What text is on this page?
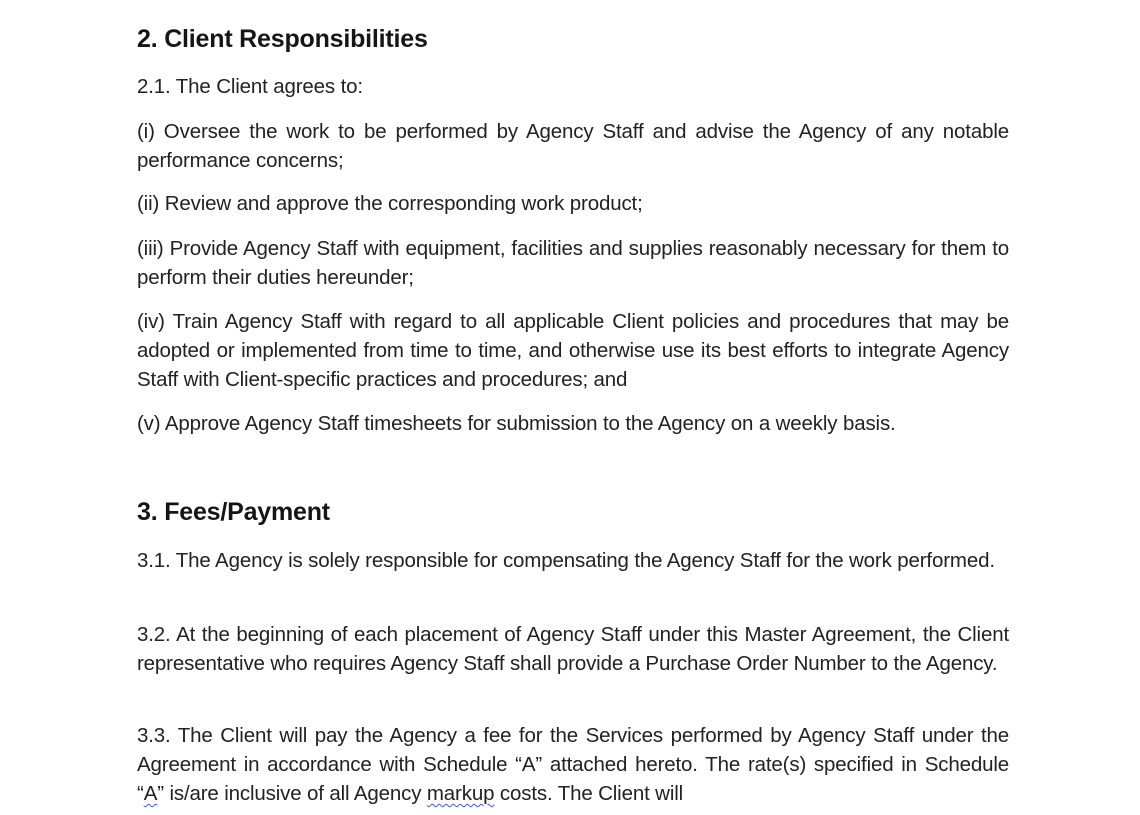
2. Client Responsibilities

2.1. The Client agrees to:

(i) Oversee the work to be performed by Agency Staff and advise the Agency of any notable performance concerns;

(ii) Review and approve the corresponding work product;

(iii) Provide Agency Staff with equipment, facilities and supplies reasonably necessary for them to perform their duties hereunder;

(iv) Train Agency Staff with regard to all applicable Client policies and procedures that may be adopted or implemented from time to time, and otherwise use its best efforts to integrate Agency Staff with Client-specific practices and procedures; and

(v) Approve Agency Staff timesheets for submission to the Agency on a weekly basis.

3. Fees/Payment

3.1. The Agency is solely responsible for compensating the Agency Staff for the work performed.

3.2. At the beginning of each placement of Agency Staff under this Master Agreement, the Client representative who requires Agency Staff shall provide a Purchase Order Number to the Agency.

3.3. The Client will pay the Agency a fee for the Services performed by Agency Staff under the Agreement in accordance with Schedule “A” attached hereto. The rate(s) specified in Schedule “A” is/are inclusive of all Agency markup costs. The Client will
